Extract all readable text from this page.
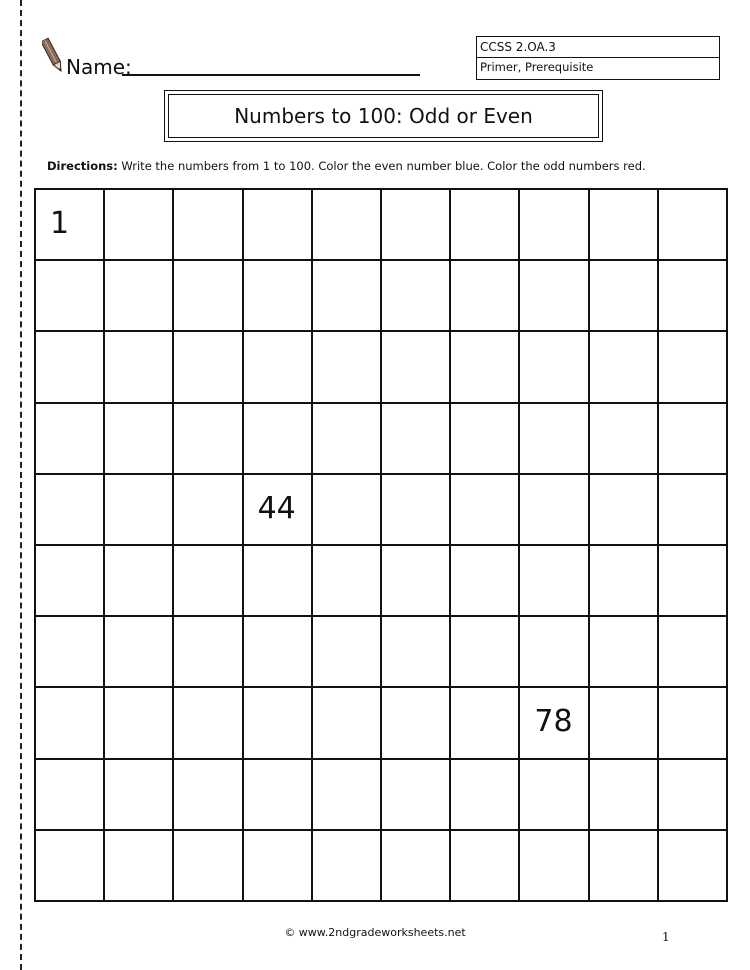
Name:
CCSS 2.OA.3
Primer, Prerequisite
Numbers to 100: Odd or Even
Directions: Write the numbers from 1 to 100. Color the even number blue. Color the odd numbers red.
1
44
78
© www.2ndgradeworksheets.net	1
